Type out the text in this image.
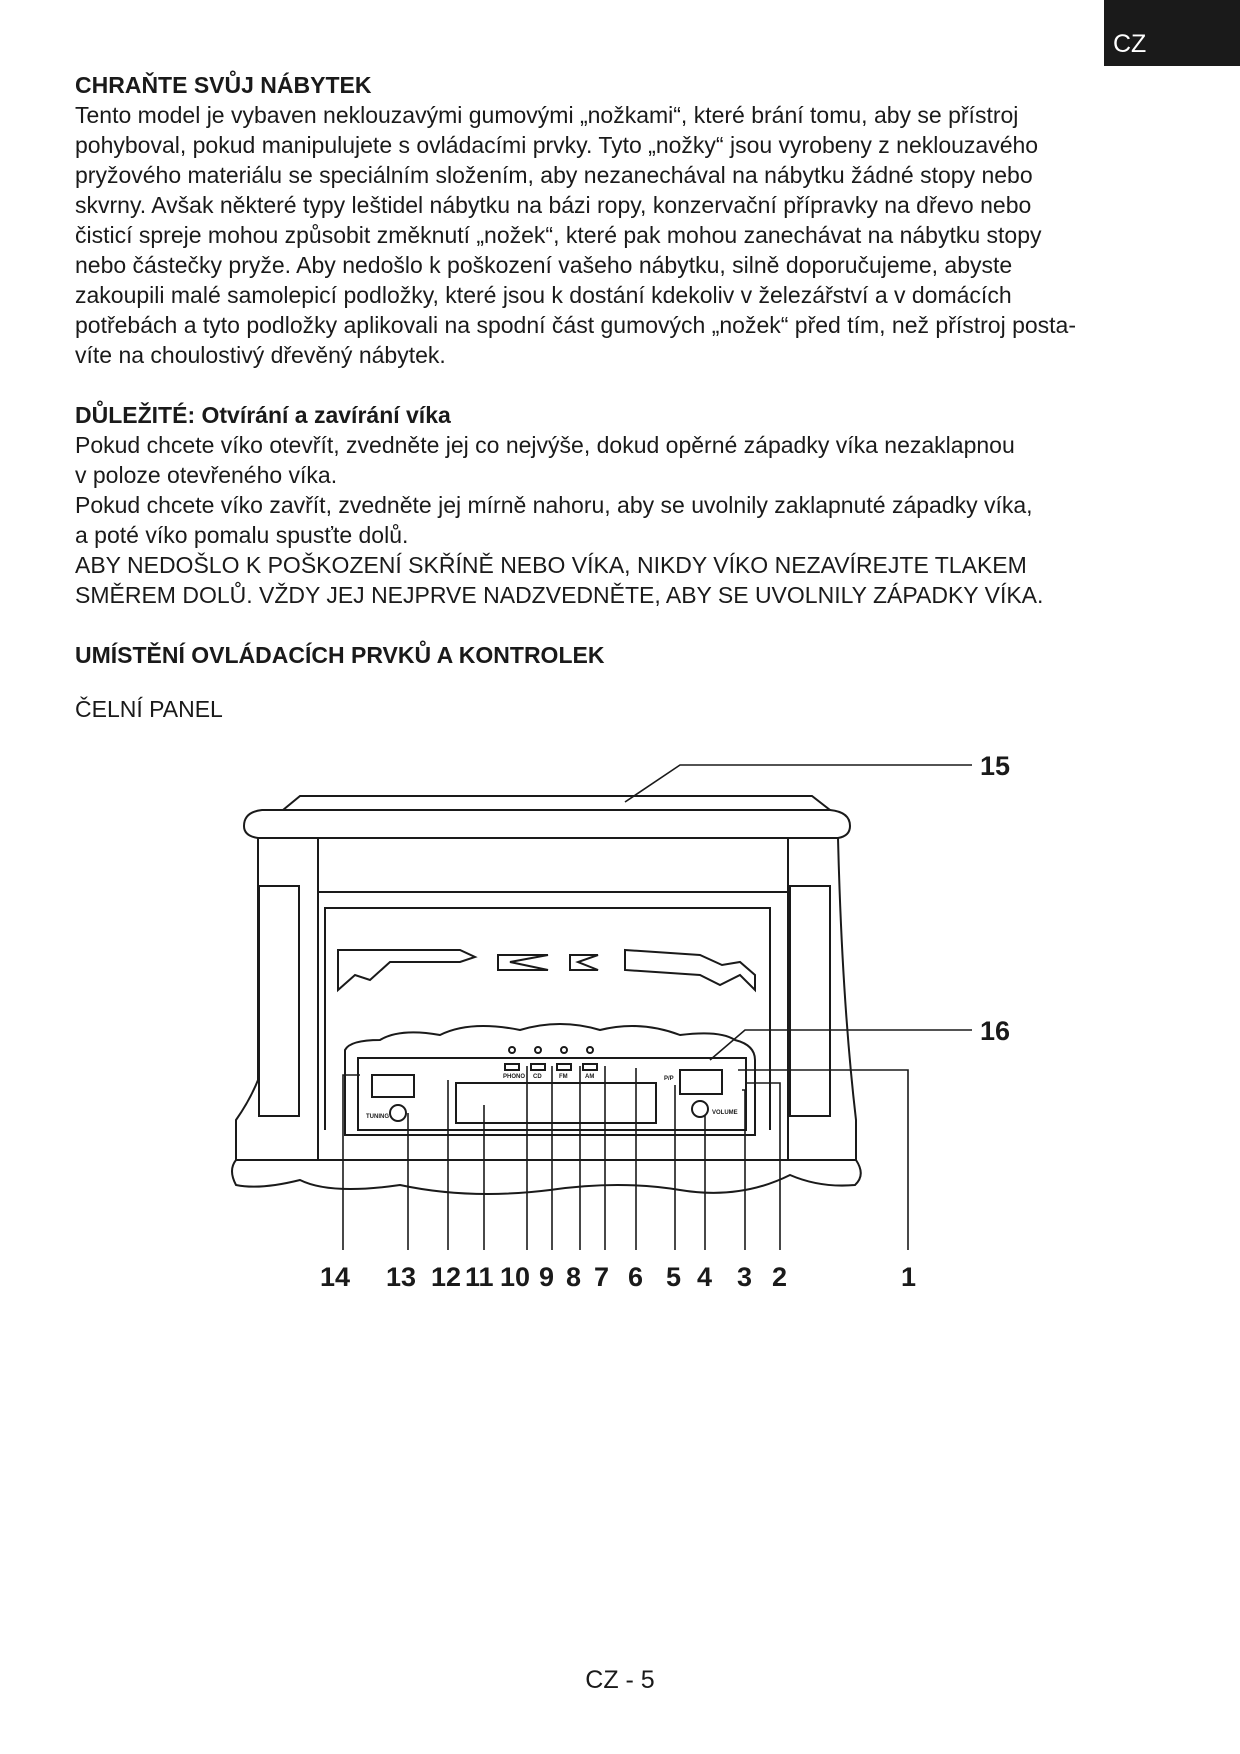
CZ
CHRAŇTE SVŮJ NÁBYTEK

Tento model je vybaven neklouzavými gumovými „nožkami“, které brání tomu, aby se přístroj

pohyboval, pokud manipulujete s ovládacími prvky. Tyto „nožky“ jsou vyrobeny z neklouzavého

pryžového materiálu se speciálním složením, aby nezanechával na nábytku žádné stopy nebo

skvrny. Avšak některé typy leštidel nábytku na bázi ropy, konzervační přípravky na dřevo nebo

čisticí spreje mohou způsobit změknutí „nožek“, které pak mohou zanechávat na nábytku stopy

nebo částečky pryže. Aby nedošlo k poškození vašeho nábytku, silně doporučujeme, abyste

zakoupili malé samolepicí podložky, které jsou k dostání kdekoliv v železářství a v domácích

potřebách a tyto podložky aplikovali na spodní část gumových „nožek“ před tím, než přístroj posta-

víte na choulostivý dřevěný nábytek.

DŮLEŽITÉ: Otvírání a zavírání víka

Pokud chcete víko otevřít, zvedněte jej co nejvýše, dokud opěrné západky víka nezaklapnou

v poloze otevřeného víka.

Pokud chcete víko zavřít, zvedněte jej mírně nahoru, aby se uvolnily zaklapnuté západky víka,

a poté víko pomalu spusťte dolů.

ABY NEDOŠLO K POŠKOZENÍ SKŘÍNĚ NEBO VÍKA, NIKDY VÍKO NEZAVÍREJTE TLAKEM

SMĚREM DOLŮ. VŽDY JEJ NEJPRVE NADZVEDNĚTE, ABY SE UVOLNILY ZÁPADKY VÍKA.

UMÍSTĚNÍ OVLÁDACÍCH PRVKŮ A KONTROLEK

ČELNÍ PANEL

PHONO CD	FM	AM
TUNING
VOLUME
P/P
15
16
14 13 12 11 10 9 8 7 6 5 4 3 2	1
CZ - 5
